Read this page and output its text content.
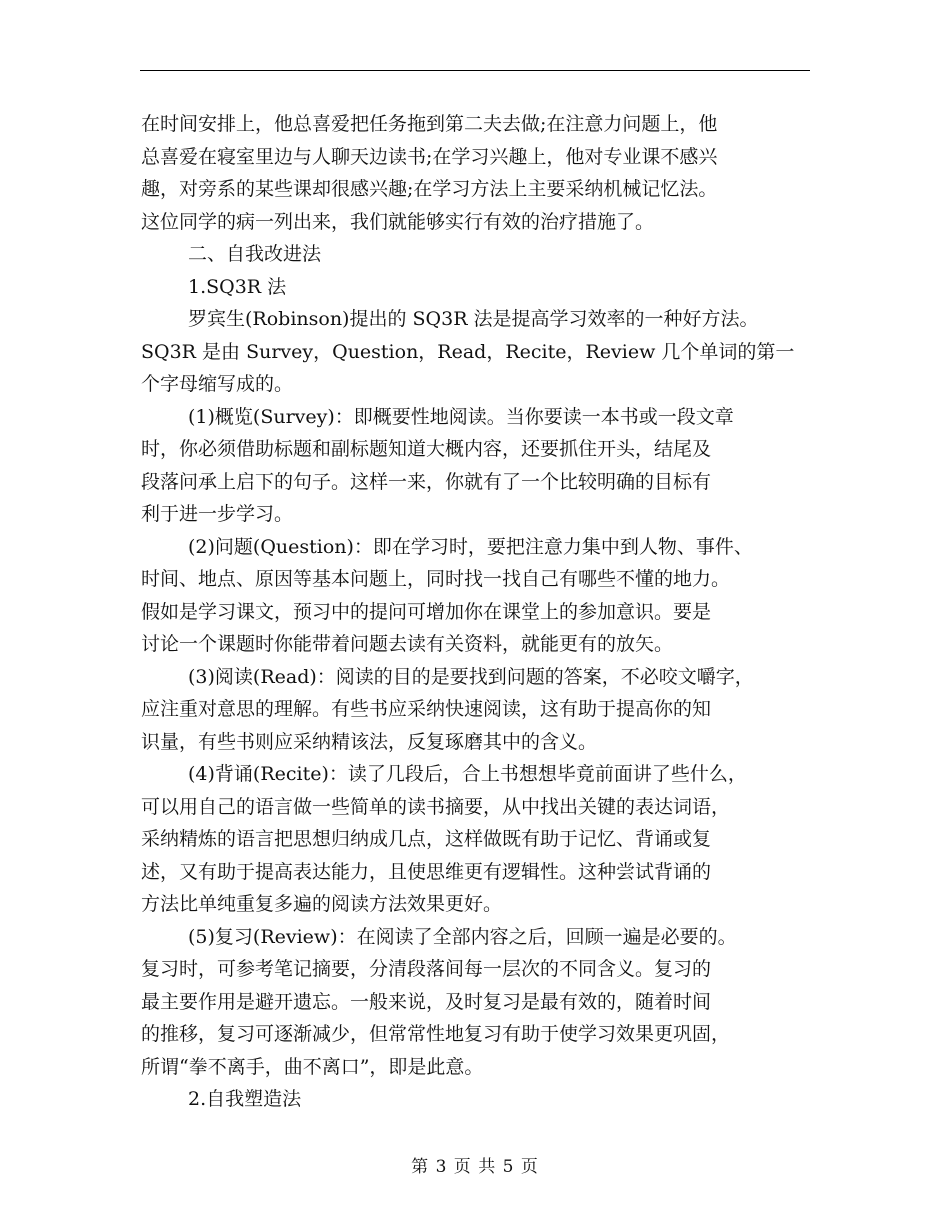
在时间安排上，他总喜爱把任务拖到第二夫去做;在注意力问题上，他
总喜爱在寝室里边与人聊天边读书;在学习兴趣上，他对专业课不感兴
趣，对旁系的某些课却很感兴趣;在学习方法上主要采纳机械记忆法。
这位同学的病一列出来，我们就能够实行有效的治疗措施了。
二、自我改进法
1.SQ3R 法
罗宾生(Robinson)提出的 SQ3R 法是提高学习效率的一种好方法。
SQ3R 是由 Survey，Question，Read，Recite，Review 几个单词的第一
个字母缩写成的。
(1)概览(Survey)：即概要性地阅读。当你要读一本书或一段文章
时，你必须借助标题和副标题知道大概内容，还要抓住开头，结尾及
段落问承上启下的句子。这样一来，你就有了一个比较明确的目标有
利于进一步学习。
(2)问题(Question)：即在学习时，要把注意力集中到人物、事件、
时间、地点、原因等基本问题上，同时找一找自己有哪些不懂的地力。
假如是学习课文，预习中的提问可增加你在课堂上的参加意识。要是
讨论一个课题时你能带着问题去读有关资料，就能更有的放矢。
(3)阅读(Read)：阅读的目的是要找到问题的答案，不必咬文嚼字，
应注重对意思的理解。有些书应采纳快速阅读，这有助于提高你的知
识量，有些书则应采纳精该法，反复琢磨其中的含义。
(4)背诵(Recite)：读了几段后，合上书想想毕竟前面讲了些什么，
可以用自己的语言做一些简单的读书摘要，从中找出关键的表达词语，
采纳精炼的语言把思想归纳成几点，这样做既有助于记忆、背诵或复
述，又有助于提高表达能力，且使思维更有逻辑性。这种尝试背诵的
方法比单纯重复多遍的阅读方法效果更好。
(5)复习(Review)：在阅读了全部内容之后，回顾一遍是必要的。
复习时，可参考笔记摘要，分清段落间每一层次的不同含义。复习的
最主要作用是避开遗忘。一般来说，及时复习是最有效的，随着时间
的推移，复习可逐渐减少，但常常性地复习有助于使学习效果更巩固，
所谓“拳不离手，曲不离口”，即是此意。
2.自我塑造法
第 3 页 共 5 页
